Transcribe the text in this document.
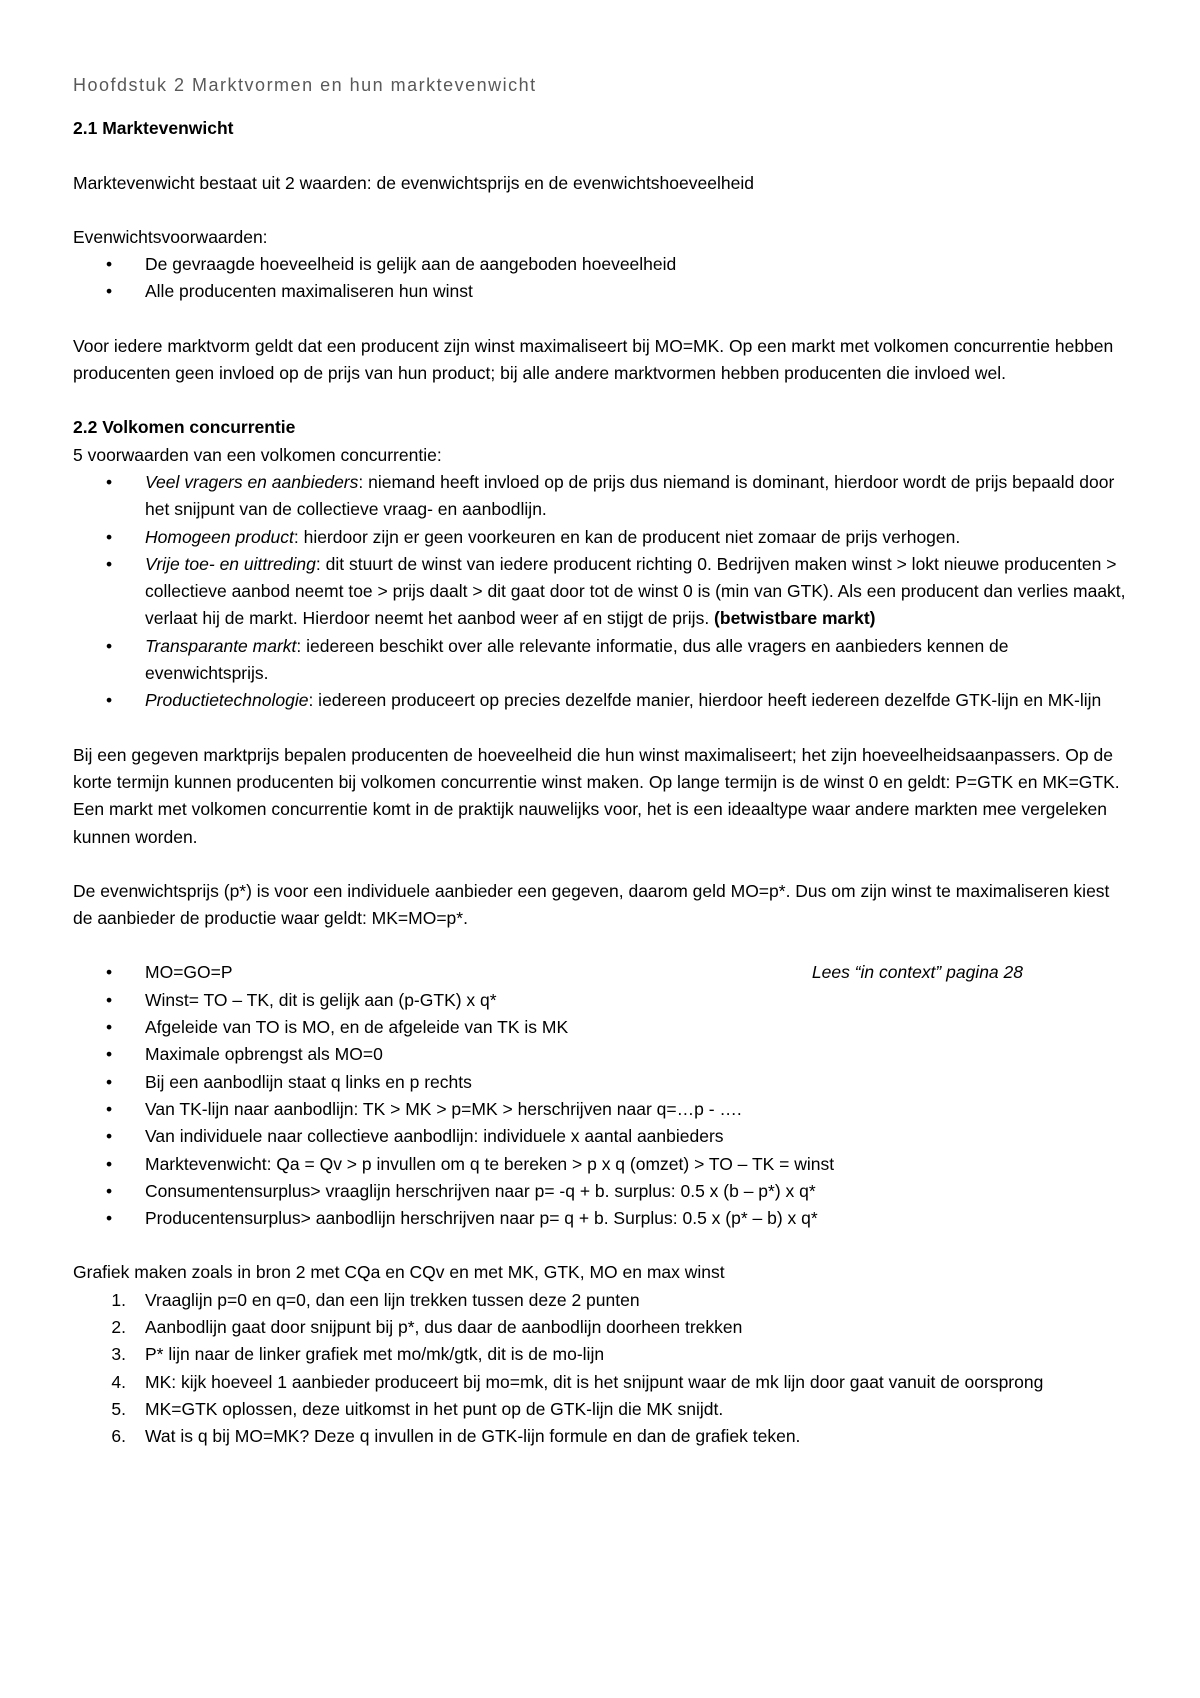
Hoofdstuk 2 Marktvormen en hun marktevenwicht

2.1 Marktevenwicht

Marktevenwicht bestaat uit 2 waarden: de evenwichtsprijs en de evenwichtshoeveelheid

Evenwichtsvoorwaarden:

• De gevraagde hoeveelheid is gelijk aan de aangeboden hoeveelheid
• Alle producenten maximaliseren hun winst

Voor iedere marktvorm geldt dat een producent zijn winst maximaliseert bij MO=MK. Op een markt met volkomen concurrentie hebben producenten geen invloed op de prijs van hun product; bij alle andere marktvormen hebben producenten die invloed wel.

2.2 Volkomen concurrentie

5 voorwaarden van een volkomen concurrentie:

• Veel vragers en aanbieders: niemand heeft invloed op de prijs dus niemand is dominant, hierdoor wordt de prijs bepaald door het snijpunt van de collectieve vraag- en aanbodlijn.
• Homogeen product: hierdoor zijn er geen voorkeuren en kan de producent niet zomaar de prijs verhogen.
• Vrije toe- en uittreding: dit stuurt de winst van iedere producent richting 0. Bedrijven maken winst > lokt nieuwe producenten > collectieve aanbod neemt toe > prijs daalt > dit gaat door tot de winst 0 is (min van GTK). Als een producent dan verlies maakt, verlaat hij de markt. Hierdoor neemt het aanbod weer af en stijgt de prijs. (betwistbare markt)
• Transparante markt: iedereen beschikt over alle relevante informatie, dus alle vragers en aanbieders kennen de evenwichtsprijs.
• Productietechnologie: iedereen produceert op precies dezelfde manier, hierdoor heeft iedereen dezelfde GTK-lijn en MK-lijn

Bij een gegeven marktprijs bepalen producenten de hoeveelheid die hun winst maximaliseert; het zijn hoeveelheidsaanpassers. Op de korte termijn kunnen producenten bij volkomen concurrentie winst maken. Op lange termijn is de winst 0 en geldt: P=GTK en MK=GTK. Een markt met volkomen concurrentie komt in de praktijk nauwelijks voor, het is een ideaaltype waar andere markten mee vergeleken kunnen worden.

De evenwichtsprijs (p*) is voor een individuele aanbieder een gegeven, daarom geld MO=p*. Dus om zijn winst te maximaliseren kiest de aanbieder de productie waar geldt: MK=MO=p*.

• MO=GO=P	Lees “in context” pagina 28
• Winst= TO – TK, dit is gelijk aan (p-GTK) x q*
• Afgeleide van TO is MO, en de afgeleide van TK is MK
• Maximale opbrengst als MO=0
• Bij een aanbodlijn staat q links en p rechts
• Van TK-lijn naar aanbodlijn: TK > MK > p=MK > herschrijven naar q=…p - ….
• Van individuele naar collectieve aanbodlijn: individuele x aantal aanbieders
• Marktevenwicht: Qa = Qv > p invullen om q te bereken > p x q (omzet) > TO – TK = winst
• Consumentensurplus> vraaglijn herschrijven naar p= -q + b. surplus: 0.5 x (b – p*) x q*
• Producentensurplus> aanbodlijn herschrijven naar p= q + b. Surplus: 0.5 x (p* – b) x q*

Grafiek maken zoals in bron 2 met CQa en CQv en met MK, GTK, MO en max winst

1. Vraaglijn p=0 en q=0, dan een lijn trekken tussen deze 2 punten
2. Aanbodlijn gaat door snijpunt bij p*, dus daar de aanbodlijn doorheen trekken
3. P* lijn naar de linker grafiek met mo/mk/gtk, dit is de mo-lijn
4. MK: kijk hoeveel 1 aanbieder produceert bij mo=mk, dit is het snijpunt waar de mk lijn door gaat vanuit de oorsprong
5. MK=GTK oplossen, deze uitkomst in het punt op de GTK-lijn die MK snijdt.
6. Wat is q bij MO=MK? Deze q invullen in de GTK-lijn formule en dan de grafiek teken.
